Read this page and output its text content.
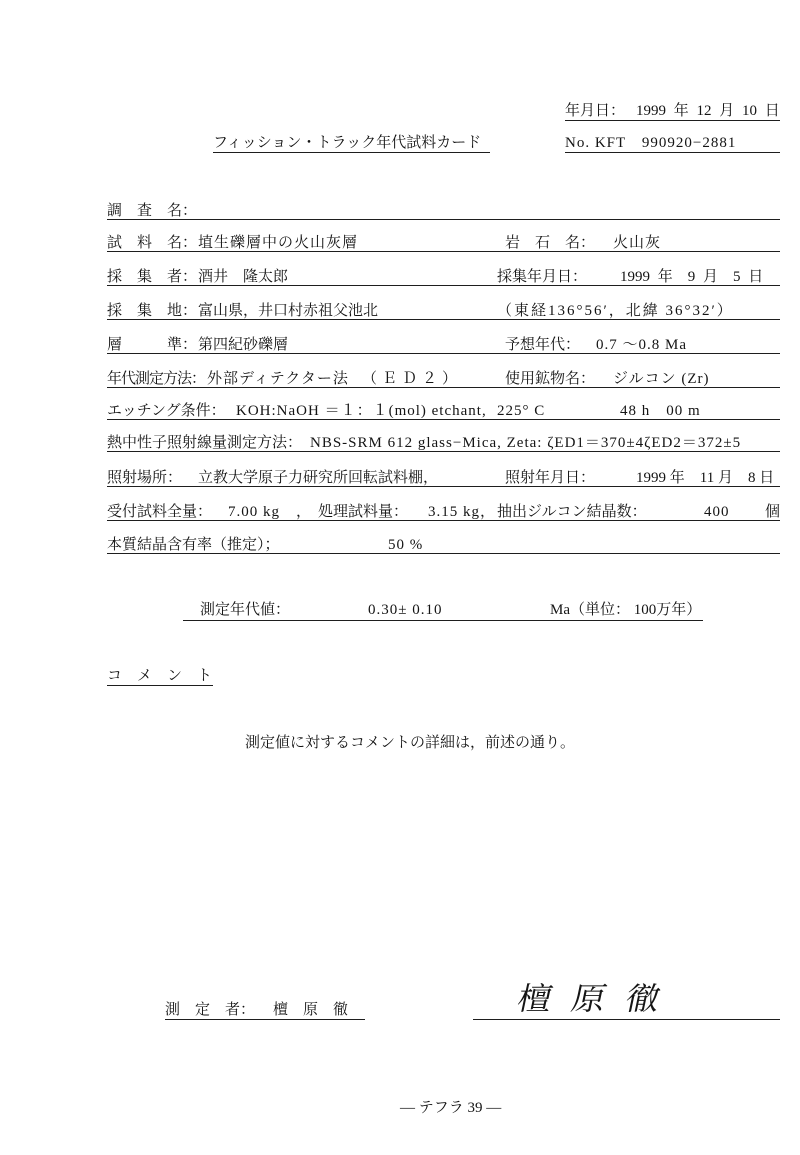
年月日： 1999 年 12 月 10 日
フィッション・トラック年代試料カード	No. KFT　990920−2881
調　査　名：
試　料　名： 埴生礫層中の火山灰層	岩　石　名： 火山灰
採　集　者： 酒井　隆太郎	採集年月日： 1999 年　9 月　5 日
採　集　地： 富山県，井口村赤祖父池北	（東経136°56′，北緯 36°32′）
層　　　準： 第四紀砂礫層	予想年代： 0.7 ～0.8 Ma
年代測定方法： 外部ディテクター法 （ＥＤ２）	使用鉱物名： ジルコン (Zr)
エッチング条件： KOH:NaOH ＝１：１(mol) etchant, 225° C	48 h　00 m
熱中性子照射線量測定方法： NBS-SRM 612 glass−Mica, Zeta: ζED1＝370±4ζED2＝372±5
照射場所： 立教大学原子力研究所回転試料棚，	照射年月日：	1999 年　11 月　8 日
受付試料全量： 7.00 kg　， 処理試料量： 3.15 kg， 抽出ジルコン結晶数：	400 個
本質結晶含有率（推定）；	50 %
測定年代値：	0.30± 0.10	Ma（単位： 100万年）
コ　メ　ン　ト
測定値に対するコメントの詳細は，前述の通り。
測　定　者： 檀　原　徹	檀原徹
— テフラ 39 —
